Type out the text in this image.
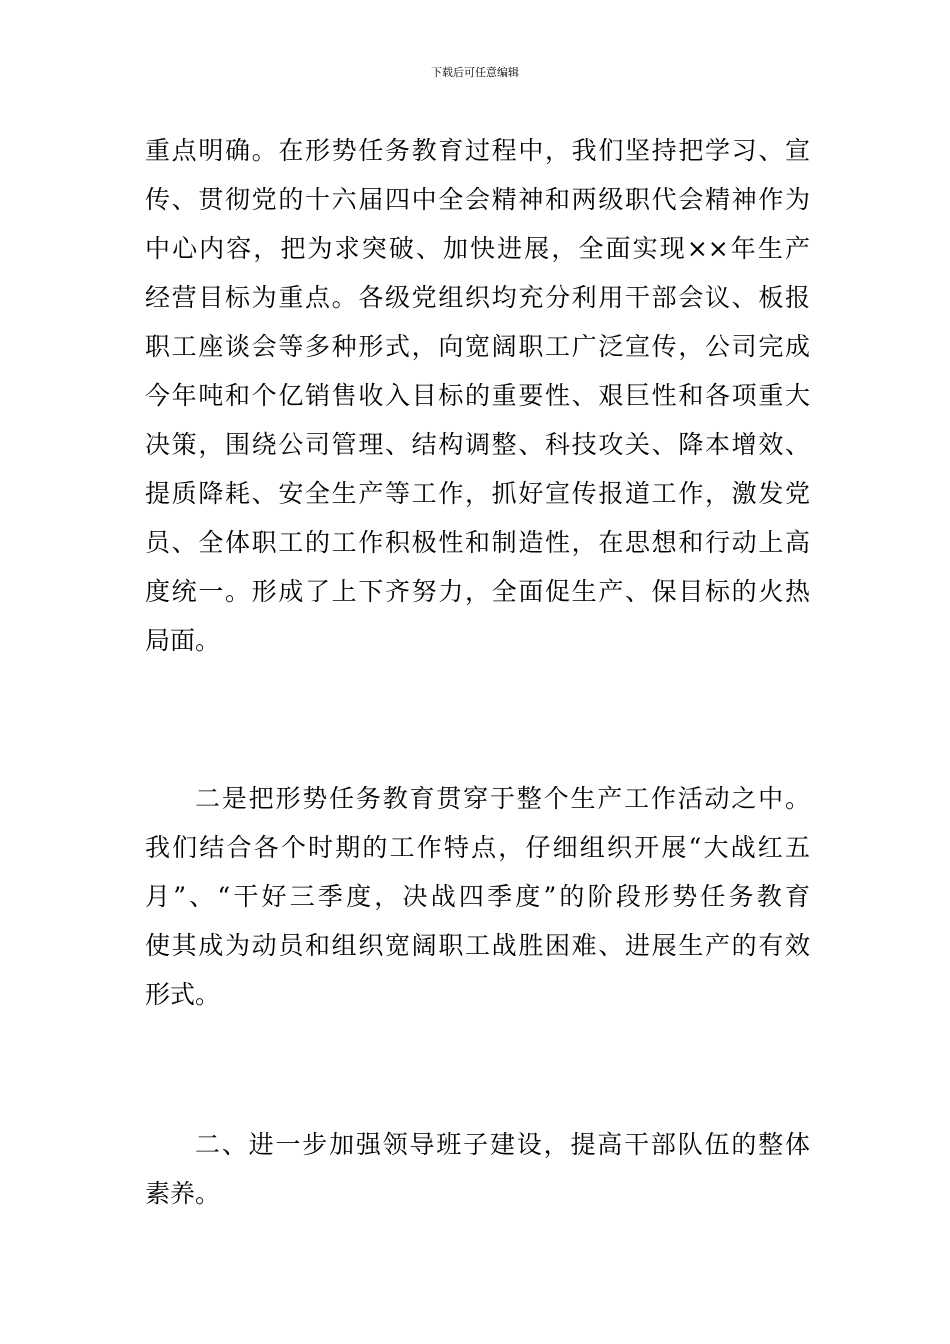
下载后可任意编辑
重点明确。在形势任务教育过程中，我们坚持把学习、宣
传、贯彻党的十六届四中全会精神和两级职代会精神作为
中心内容，把为求突破、加快进展，全面实现××年生产
经营目标为重点。各级党组织均充分利用干部会议、板报
职工座谈会等多种形式，向宽阔职工广泛宣传，公司完成
今年吨和个亿销售收入目标的重要性、艰巨性和各项重大
决策，围绕公司管理、结构调整、科技攻关、降本增效、
提质降耗、安全生产等工作，抓好宣传报道工作，激发党
员、全体职工的工作积极性和制造性，在思想和行动上高
度统一。形成了上下齐努力，全面促生产、保目标的火热
局面。
二是把形势任务教育贯穿于整个生产工作活动之中。
我们结合各个时期的工作特点，仔细组织开展“大战红五
月”、“干好三季度，决战四季度”的阶段形势任务教育
使其成为动员和组织宽阔职工战胜困难、进展生产的有效
形式。
二、进一步加强领导班子建设，提高干部队伍的整体
素养。
